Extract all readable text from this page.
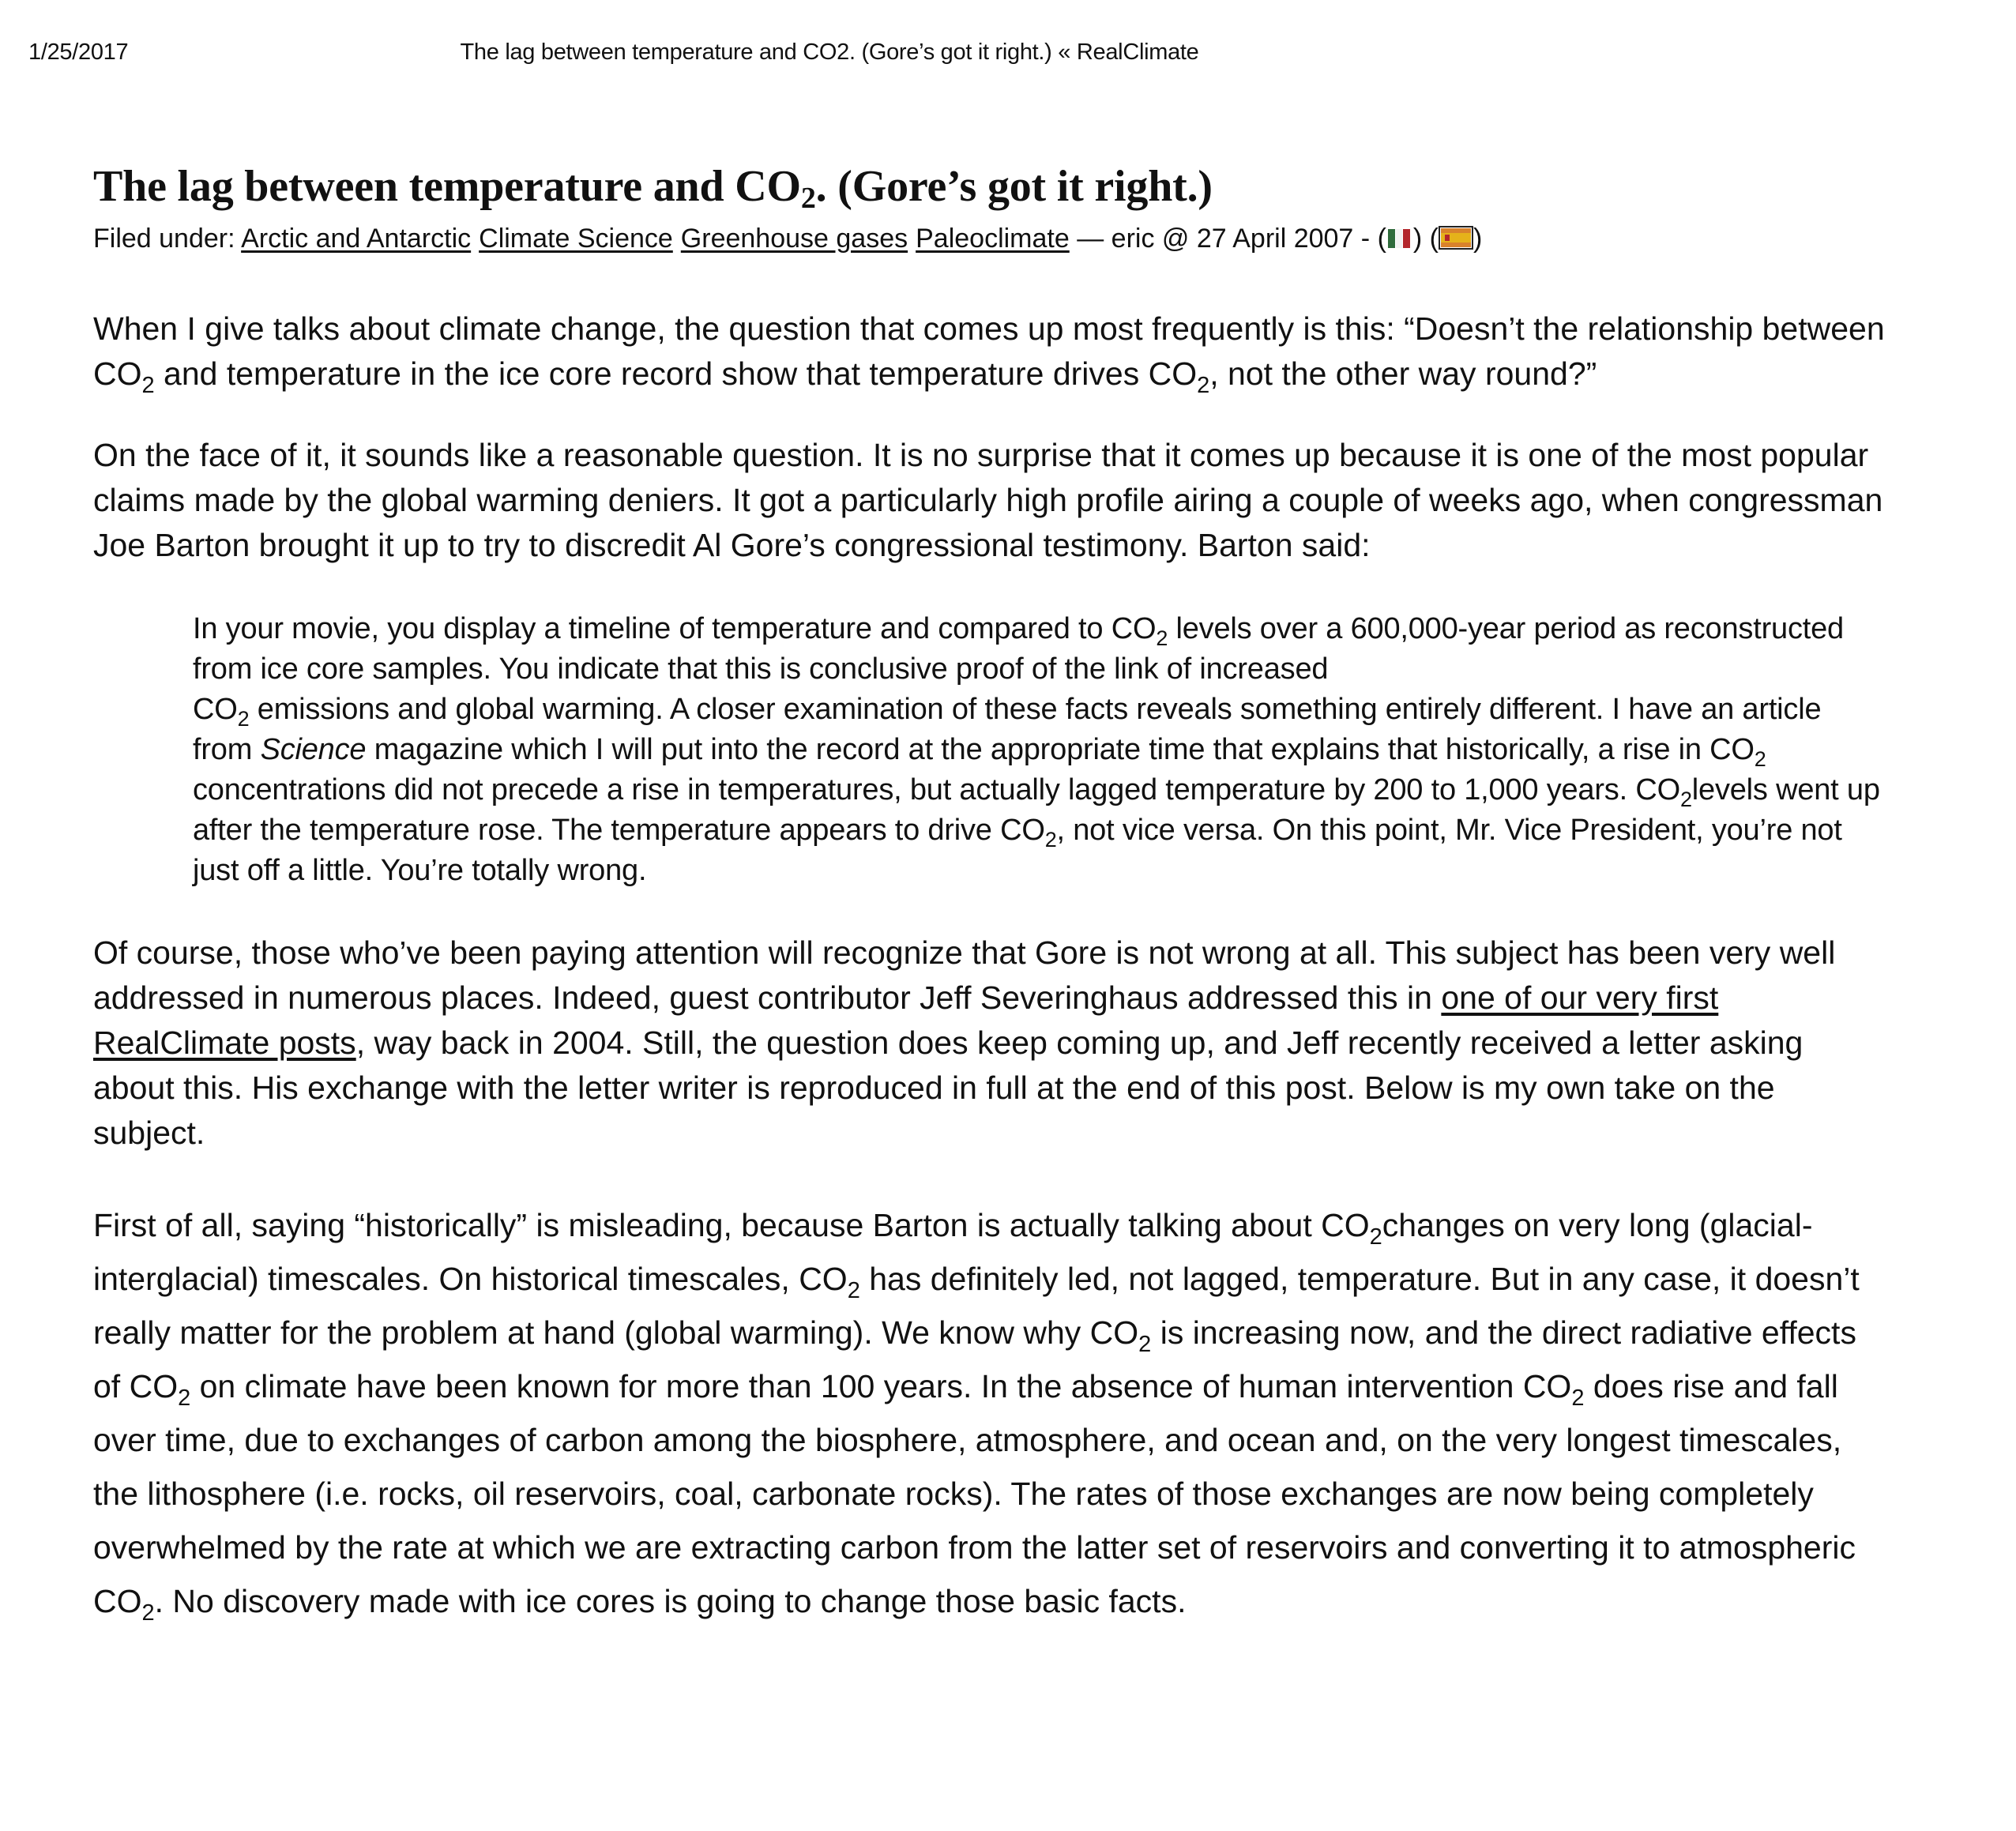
1/25/2017	The lag between temperature and CO2. (Gore’s got it right.) « RealClimate
The lag between temperature and $CO_2$. (Gore’s got it right.)
Filed under: Arctic and Antarctic Climate Science Greenhouse gases Paleoclimate — eric @ 27 April 2007 - ( ) ( )

When I give talks about climate change, the question that comes up most frequently is this: “Doesn’t the relationship between $CO_2$ and temperature in the ice core record show that temperature drives $CO_2$, not the other way round?”

On the face of it, it sounds like a reasonable question. It is no surprise that it comes up because it is one of the most popular claims made by the global warming deniers. It got a particularly high profile airing a couple of weeks ago, when congressman Joe Barton brought it up to try to discredit Al Gore’s congressional testimony. Barton said:

In your movie, you display a timeline of temperature and compared to $CO_2$ levels over a 600,000-year period as reconstructed from ice core samples. You indicate that this is conclusive proof of the link of increased
$CO_2$ emissions and global warming. A closer examination of these facts reveals something entirely different. I have an article from Science magazine which I will put into the record at the appropriate time that explains that historically, a rise in $CO_2$ concentrations did not precede a rise in temperatures, but actually lagged temperature by 200 to 1,000 years. $CO_2levels$ went up after the temperature rose. The temperature appears to drive $CO_2$, not vice versa. On this point, Mr. Vice President, you’re not just off a little. You’re totally wrong.

Of course, those who’ve been paying attention will recognize that Gore is not wrong at all. This subject has been very well addressed in numerous places. Indeed, guest contributor Jeff Severinghaus addressed this in one of our very first RealClimate posts, way back in 2004. Still, the question does keep coming up, and Jeff recently received a letter asking about this. His exchange with the letter writer is reproduced in full at the end of this post. Below is my own take on the subject.

First of all, saying “historically” is misleading, because Barton is actually talking about $CO_2changes$ on very long (glacial-interglacial) timescales. On historical timescales, $CO_2$ has definitely led, not lagged, temperature. But in any case, it doesn’t really matter for the problem at hand (global warming). We know why $CO_2$ is increasing now, and the direct radiative effects of $CO_2$ on climate have been known for more than 100 years. In the absence of human intervention $CO_2$ does rise and fall over time, due to exchanges of carbon among the biosphere, atmosphere, and ocean and, on the very longest timescales, the lithosphere (i.e. rocks, oil reservoirs, coal, carbonate rocks). The rates of those exchanges are now being completely overwhelmed by the rate at which we are extracting carbon from the latter set of reservoirs and converting it to atmospheric $CO_2$. No discovery made with ice cores is going to change those basic facts.
